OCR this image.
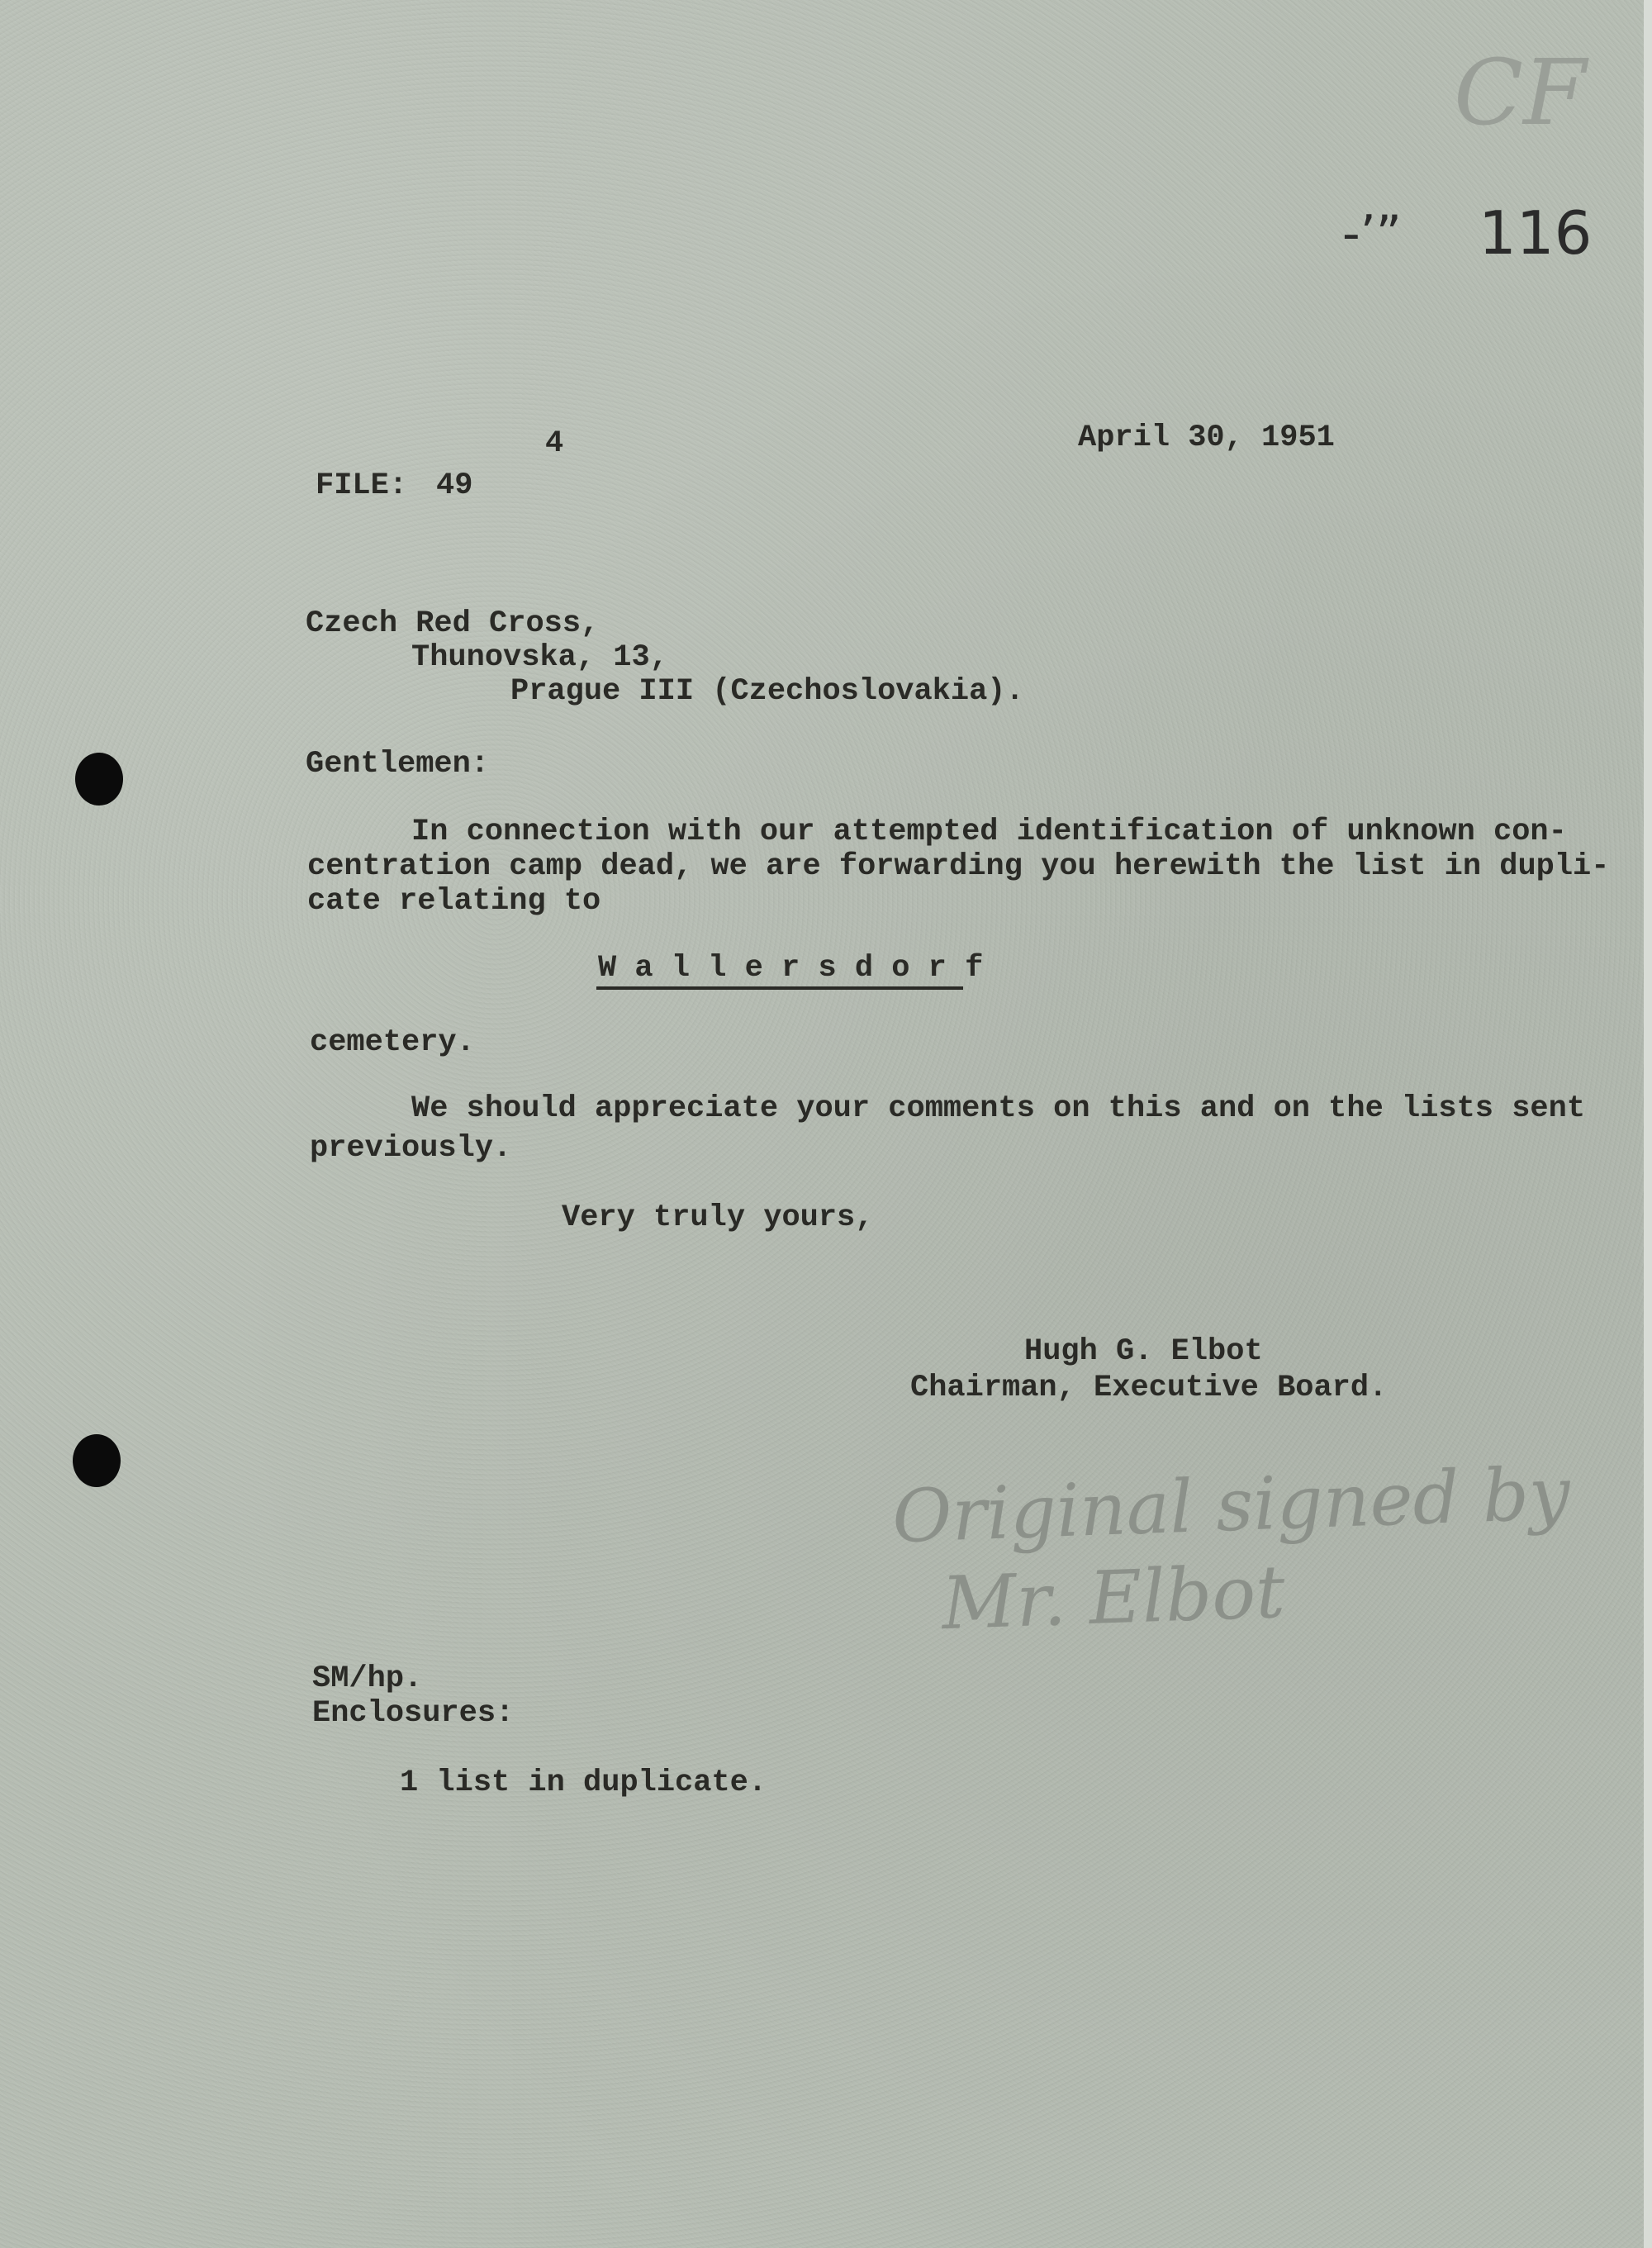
CF
-’” 116
4	April 30, 1951
FILE: 49
Czech Red Cross,
Thunovska, 13,
Prague III (Czechoslovakia).
Gentlemen:
In connection with our attempted identification of unknown con-
centration camp dead, we are forwarding you herewith the list in dupli-
cate relating to
W a l l e r s d o r f
cemetery.
We should appreciate your comments on this and on the lists sent
previously.
Very truly yours,
Hugh G. Elbot
Chairman, Executive Board.
Original signed by
Mr. Elbot
SM/hp.
Enclosures:
1 list in duplicate.
